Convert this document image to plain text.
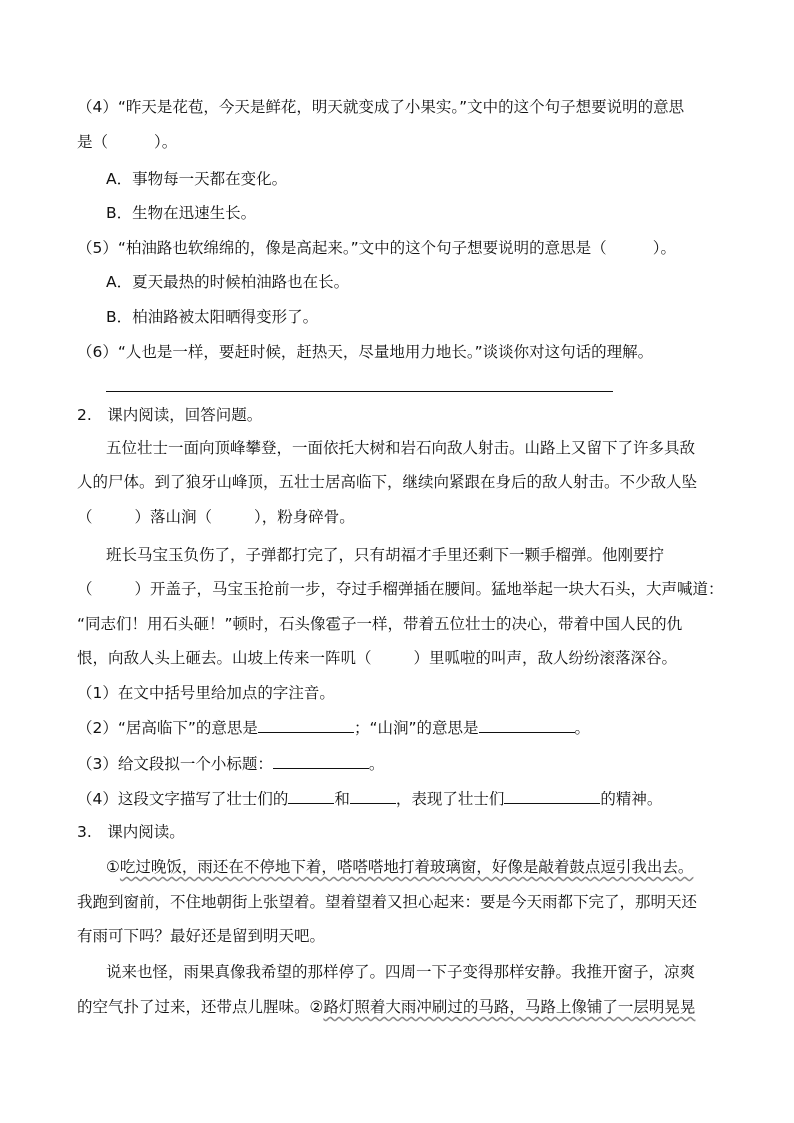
（4）“昨天是花苞，今天是鲜花，明天就变成了小果实。”文中的这个句子想要说明的意思
是（	）。
A．事物每一天都在变化。
B．生物在迅速生长。
（5）“柏油路也软绵绵的，像是高起来。”文中的这个句子想要说明的意思是（	）。
A．夏天最热的时候柏油路也在长。
B．柏油路被太阳晒得变形了。
（6）“人也是一样，要赶时候，赶热天，尽量地用力地长。”谈谈你对这句话的理解。
2.　课内阅读，回答问题。
五位壮士一面向顶峰攀登，一面依托大树和岩石向敌人射击。山路上又留下了许多具敌
人的尸体。到了狼牙山峰顶，五壮士居高临下，继续向紧跟在身后的敌人射击。不少敌人坠
（	）落山涧（	），粉身碎骨。
班长马宝玉负伤了，子弹都打完了，只有胡福才手里还剩下一颗手榴弹。他刚要拧
（	）开盖子，马宝玉抢前一步，夺过手榴弹插在腰间。猛地举起一块大石头，大声喊道：
“同志们！用石头砸！”顿时，石头像雹子一样，带着五位壮士的决心，带着中国人民的仇
恨，向敌人头上砸去。山坡上传来一阵叽（	）里呱啦的叫声，敌人纷纷滚落深谷。
（1）在文中括号里给加点的字注音。
（2）“居高临下”的意思是	；“山涧”的意思是	。
（3）给文段拟一个小标题：	。
（4）这段文字描写了壮士们的	和	，表现了壮士们	的精神。
3.　课内阅读。
①吃过晚饭，雨还在不停地下着，嗒嗒嗒地打着玻璃窗，好像是敲着鼓点逗引我出去。
我跑到窗前，不住地朝街上张望着。望着望着又担心起来：要是今天雨都下完了，那明天还
有雨可下吗？最好还是留到明天吧。
说来也怪，雨果真像我希望的那样停了。四周一下子变得那样安静。我推开窗子，凉爽
的空气扑了过来，还带点儿腥味。②路灯照着大雨冲刷过的马路，马路上像铺了一层明晃晃
